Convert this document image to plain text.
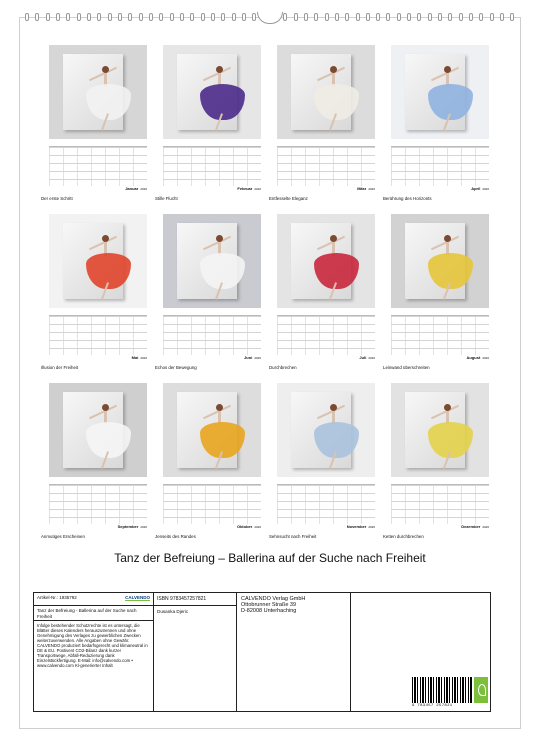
Januar 2026
Der erste Schritt
Februar 2026
Stille Flucht
März 2026
Entfesselte Eleganz
April 2026
Berührung des Horizonts
Mai 2026
Illusion der Freiheit
Juni 2026
Echos der Bewegung
Juli 2026
Durchbrechen
August 2026
Leinwand überschreiten
September 2026
Anmutiges Erscheinen
Oktober 2026
Jenseits des Randes
November 2026
Sehnsucht nach Freiheit
Dezember 2026
Ketten durchbrechen
Tanz der Befreiung – Ballerina auf der Suche nach Freiheit
Artikel-Nr.: 1935792	CALVENDO
Tanz der Befreiung - Ballerina auf der Suche nach Freiheit
Infolge bestehender Schutzrechte ist es untersagt, die Blätter dieses Kalenders herauszutrennen und ohne Genehmigung des Verlages zu gewerblichen Zwecken weiterzuverwenden. Alle Angaben ohne Gewähr. CALVENDO produziert bedarfsgerecht und klimaneutral in DE & EU. Postivent CO2-Bilanz dank kurzer Transportwege, Abfall-Reduzierung dank Einzelstückfertigung. E-Mail: info@calvendo.com • www.calvendo.com Kl-generierter Inhalt
ISBN 9783457257821
Dusanka Djeric
CALVENDO Verlag GmbH
Ottobrunner Straße 39
D-82008 Unterhaching
9 783457 257821
